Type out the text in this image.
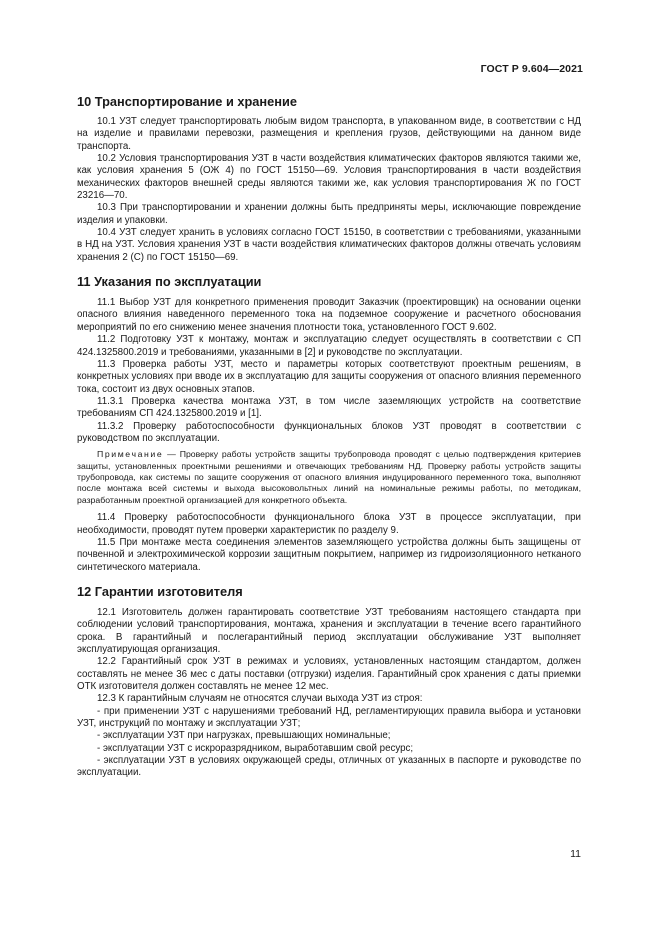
ГОСТ Р 9.604—2021
10 Транспортирование и хранение

10.1 УЗТ следует транспортировать любым видом транспорта, в упакованном виде, в соответствии с НД на изделие и правилами перевозки, размещения и крепления грузов, действующими на данном виде транспорта.

10.2 Условия транспортирования УЗТ в части воздействия климатических факторов являются такими же, как условия хранения 5 (ОЖ 4) по ГОСТ 15150—69. Условия транспортирования в части воздействия механических факторов внешней среды являются такими же, как условия транспортирования Ж по ГОСТ 23216—70.

10.3 При транспортировании и хранении должны быть предприняты меры, исключающие повреждение изделия и упаковки.

10.4 УЗТ следует хранить в условиях согласно ГОСТ 15150, в соответствии с требованиями, указанными в НД на УЗТ. Условия хранения УЗТ в части воздействия климатических факторов должны отвечать условиям хранения 2 (С) по ГОСТ 15150—69.

11 Указания по эксплуатации

11.1 Выбор УЗТ для конкретного применения проводит Заказчик (проектировщик) на основании оценки опасного влияния наведенного переменного тока на подземное сооружение и расчетного обоснования мероприятий по его снижению менее значения плотности тока, установленного ГОСТ 9.602.

11.2 Подготовку УЗТ к монтажу, монтаж и эксплуатацию следует осуществлять в соответствии с СП 424.1325800.2019 и требованиями, указанными в [2] и руководстве по эксплуатации.

11.3 Проверка работы УЗТ, место и параметры которых соответствуют проектным решениям, в конкретных условиях при вводе их в эксплуатацию для защиты сооружения от опасного влияния переменного тока, состоит из двух основных этапов.

11.3.1 Проверка качества монтажа УЗТ, в том числе заземляющих устройств на соответствие требованиям СП 424.1325800.2019 и [1].

11.3.2 Проверку работоспособности функциональных блоков УЗТ проводят в соответствии с руководством по эксплуатации.

Примечание — Проверку работы устройств защиты трубопровода проводят с целью подтверждения критериев защиты, установленных проектными решениями и отвечающих требованиям НД. Проверку работы устройств защиты трубопровода, как системы по защите сооружения от опасного влияния индуцированного переменного тока, выполняют после монтажа всей системы и выхода высоковольтных линий на номинальные режимы работы, по методикам, разработанным проектной организацией для конкретного объекта.

11.4 Проверку работоспособности функционального блока УЗТ в процессе эксплуатации, при необходимости, проводят путем проверки характеристик по разделу 9.

11.5 При монтаже места соединения элементов заземляющего устройства должны быть защищены от почвенной и электрохимической коррозии защитным покрытием, например из гидроизоляционного нетканого синтетического материала.

12 Гарантии изготовителя

12.1 Изготовитель должен гарантировать соответствие УЗТ требованиям настоящего стандарта при соблюдении условий транспортирования, монтажа, хранения и эксплуатации в течение всего гарантийного срока. В гарантийный и послегарантийный период эксплуатации обслуживание УЗТ выполняет эксплуатирующая организация.

12.2 Гарантийный срок УЗТ в режимах и условиях, установленных настоящим стандартом, должен составлять не менее 36 мес с даты поставки (отгрузки) изделия. Гарантийный срок хранения с даты приемки ОТК изготовителя должен составлять не менее 12 мес.

12.3 К гарантийным случаям не относятся случаи выхода УЗТ из строя:

- при применении УЗТ с нарушениями требований НД, регламентирующих правила выбора и установки УЗТ, инструкций по монтажу и эксплуатации УЗТ;

- эксплуатации УЗТ при нагрузках, превышающих номинальные;

- эксплуатации УЗТ с искроразрядником, выработавшим свой ресурс;

- эксплуатации УЗТ в условиях окружающей среды, отличных от указанных в паспорте и руководстве по эксплуатации.

11
